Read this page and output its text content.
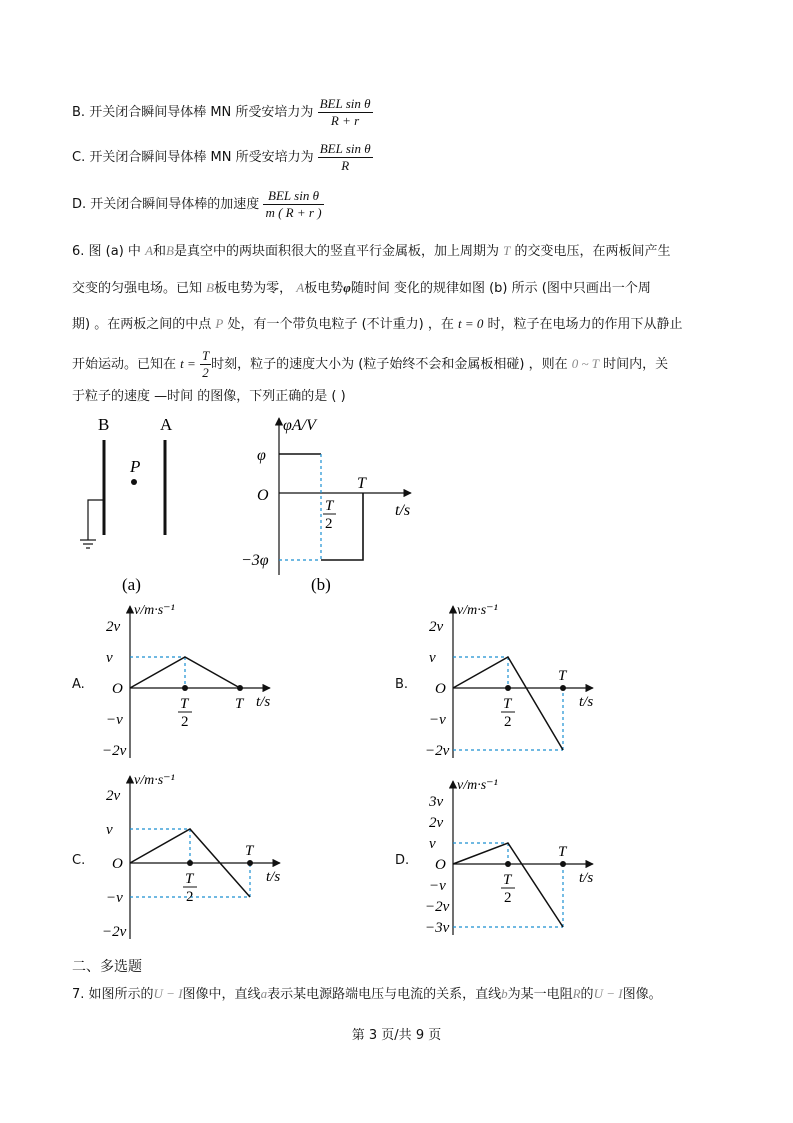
B. 开关闭合瞬间导体棒 MN 所受安培力为 $\frac{\text{BEL sin θ}}{R + r}$
C. 开关闭合瞬间导体棒 MN 所受安培力为 $\frac{\text{BEL sin θ}}{R}$
D. 开关闭合瞬间导体棒的加速度 $\frac{\text{BEL sin θ}}{m ( R + r )}$
6. 图 (a) 中 A和B是真空中的两块面积很大的竖直平行金属板，加上周期为 T 的交变电压，在两板间产生
交变的匀强电场。已知 B板电势为零， A板电势φ随时间 变化的规律如图 (b) 所示 (图中只画出一个周
期) 。在两板之间的中点 P 处，有一个带负电粒子 (不计重力) ，在 t = 0 时，粒子在电场力的作用下从静止
开始运动。已知在 $t = \frac{T}{2}$ 时刻，粒子的速度大小为 (粒子始终不会和金属板相碰) ，则在 0 ~ T 时间内，关
于粒子的速度 —时间 的图像，下列正确的是 ( )
B	A
P
(a)
φA/V
φ
O
−3φ
T
T
2
t/s
(b)
A.
v/m·s⁻¹
t/s
O
2v
v
−v
−2v
T
2
T
B.
v/m·s⁻¹
t/s
O
2v
v
−v
−2v
T
2
T
C.
v/m·s⁻¹
t/s
O
2v
v
−v
−2v
T
2
T
D.
v/m·s⁻¹
t/s
O
3v
2v
v
−v
−2v
−3v
T
2
T
二、多选题
7. 如图所示的U − I图像中，直线a表示某电源路端电压与电流的关系，直线b为某一电阻R的U − I图像。
第 3 页/共 9 页
